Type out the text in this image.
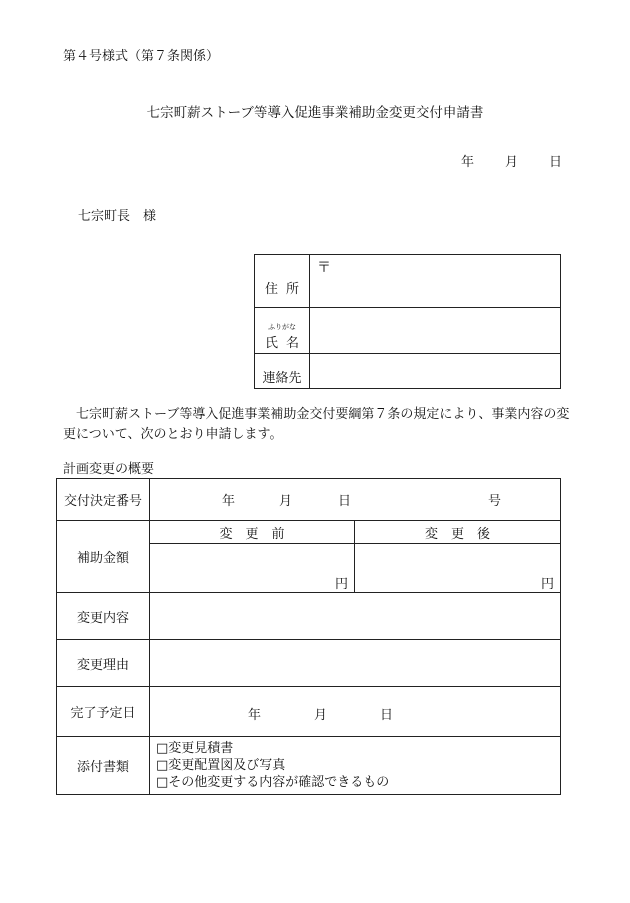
第４号様式（第７条関係）
七宗町薪ストーブ等導入促進事業補助金変更交付申請書
年 月 日
七宗町長　様
住 所	〒

ふりがな
氏 名	

連絡先	

七宗町薪ストーブ等導入促進事業補助金交付要綱第７条の規定により、事業内容の変更について、次のとおり申請します。
計画変更の概要
交付決定番号	年 月 日 号	

補助金額	変　更　前	変　更　後
	円	円
変更内容		
変更理由		
完了予定日	年 月 日	

添付書類	□変更見積書
□変更配置図及び写真
□その他変更する内容が確認できるもの	
